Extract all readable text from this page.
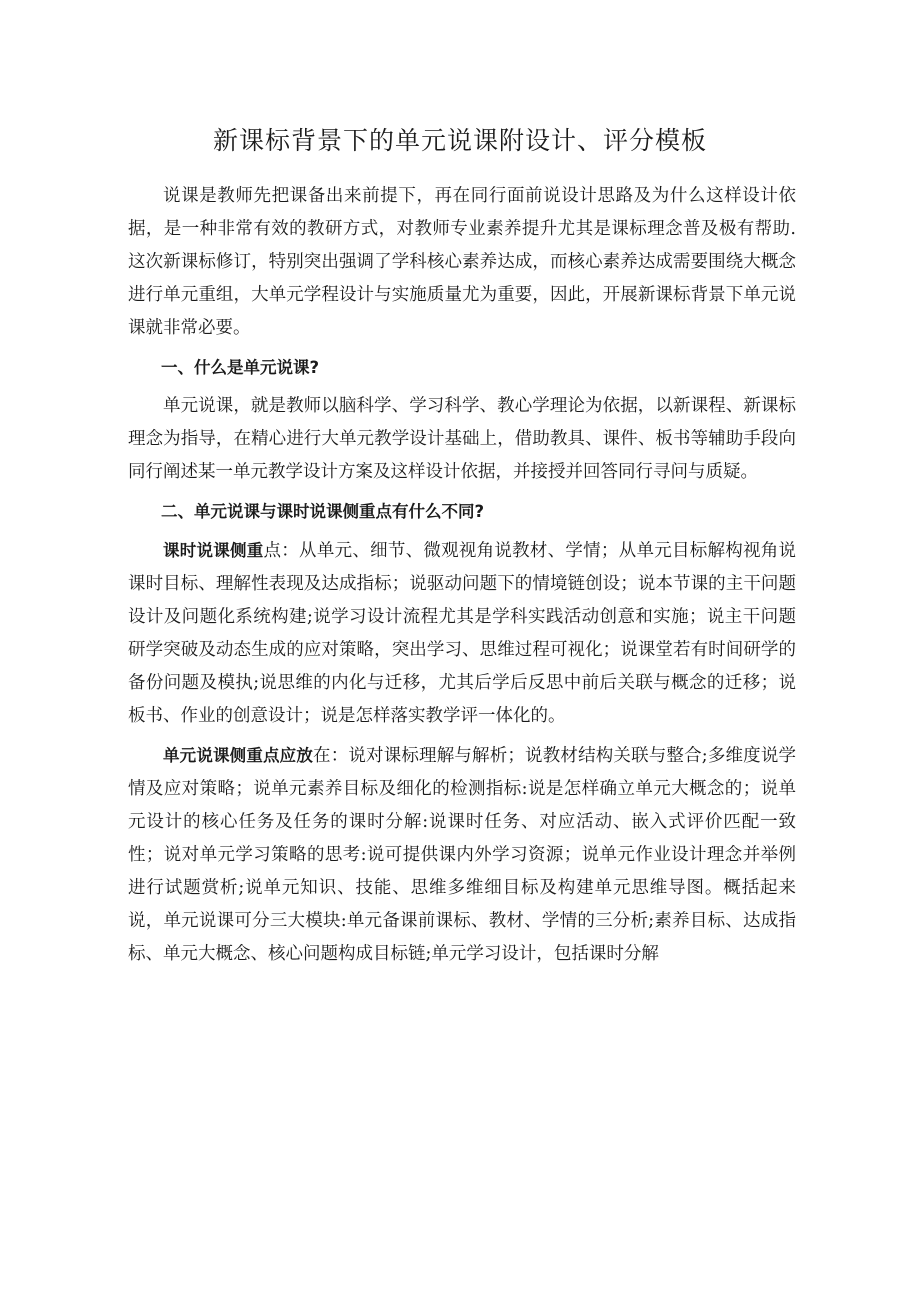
新课标背景下的单元说课附设计、评分模板

说课是教师先把课备出来前提下，再在同行面前说设计思路及为什么这样设计依据，是一种非常有效的教研方式，对教师专业素养提升尤其是课标理念普及极有帮助.这次新课标修订，特别突出强调了学科核心素养达成，而核心素养达成需要围绕大概念进行单元重组，大单元学程设计与实施质量尤为重要，因此，开展新课标背景下单元说课就非常必要。

一、什么是单元说课?

单元说课，就是教师以脑科学、学习科学、教心学理论为依据，以新课程、新课标理念为指导，在精心进行大单元教学设计基础上，借助教具、课件、板书等辅助手段向同行阐述某一单元教学设计方案及这样设计依据，并接授并回答同行寻问与质疑。

二、单元说课与课时说课侧重点有什么不同?

课时说课侧重点：从单元、细节、微观视角说教材、学情；从单元目标解构视角说课时目标、理解性表现及达成指标；说驱动问题下的情境链创设；说本节课的主干问题设计及问题化系统构建;说学习设计流程尤其是学科实践活动创意和实施；说主干问题研学突破及动态生成的应对策略，突出学习、思维过程可视化；说课堂若有时间研学的备份问题及模执;说思维的内化与迁移，尤其后学后反思中前后关联与概念的迁移；说板书、作业的创意设计；说是怎样落实教学评一体化的。

单元说课侧重点应放在：说对课标理解与解析；说教材结构关联与整合;多维度说学情及应对策略；说单元素养目标及细化的检测指标:说是怎样确立单元大概念的；说单元设计的核心任务及任务的课时分解:说课时任务、对应活动、嵌入式评价匹配一致性；说对单元学习策略的思考:说可提供课内外学习资源；说单元作业设计理念并举例进行试题赏析;说单元知识、技能、思维多维细目标及构建单元思维导图。概括起来说，单元说课可分三大模块:单元备课前课标、教材、学情的三分析;素养目标、达成指标、单元大概念、核心问题构成目标链;单元学习设计，包括课时分解
